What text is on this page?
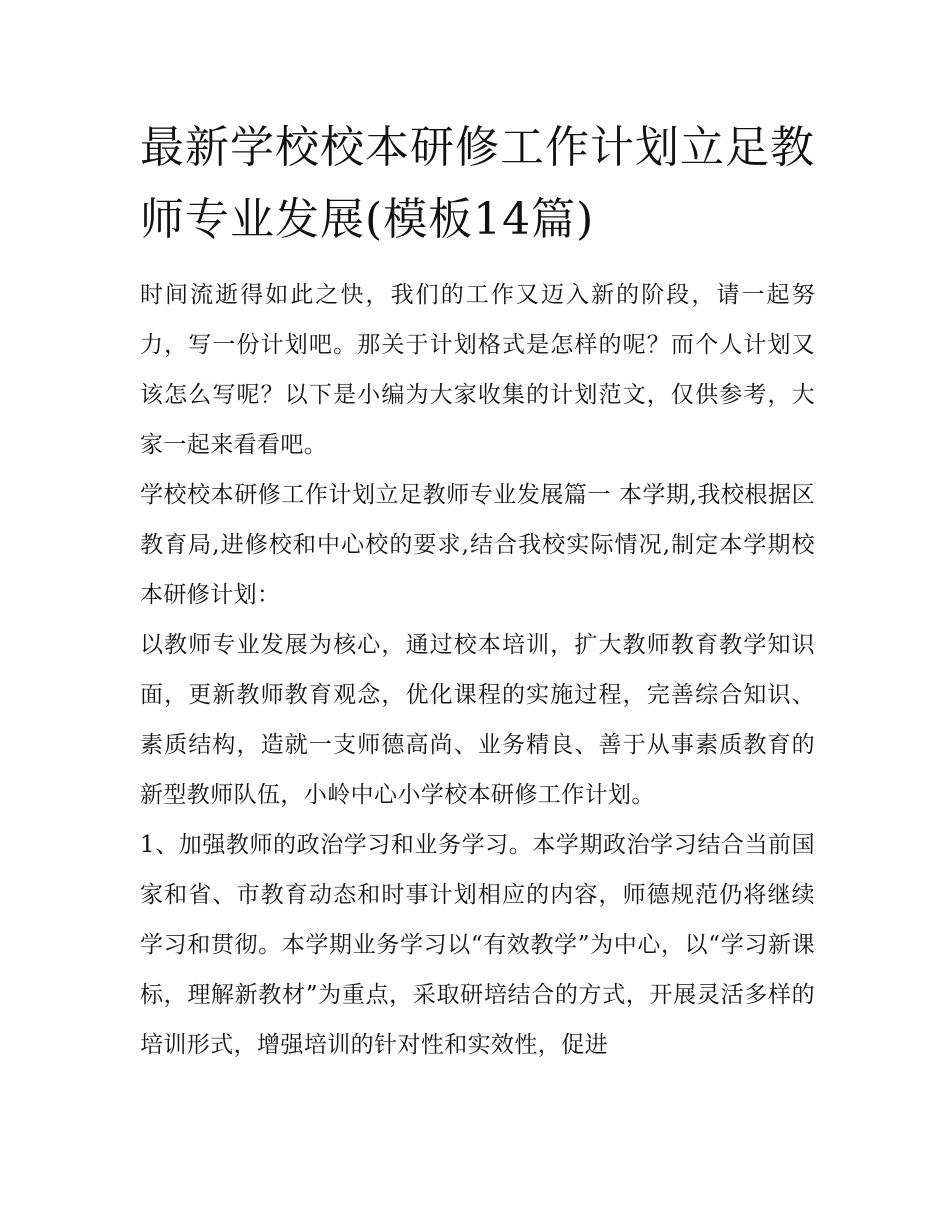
最新学校校本研修工作计划立足教师专业发展(模板14篇)

时间流逝得如此之快，我们的工作又迈入新的阶段，请一起努力，写一份计划吧。那关于计划格式是怎样的呢？而个人计划又该怎么写呢？以下是小编为大家收集的计划范文，仅供参考，大家一起来看看吧。

学校校本研修工作计划立足教师专业发展篇一 本学期,我校根据区教育局,进修校和中心校的要求,结合我校实际情况,制定本学期校本研修计划：

以教师专业发展为核心，通过校本培训，扩大教师教育教学知识面，更新教师教育观念，优化课程的实施过程，完善综合知识、素质结构，造就一支师德高尚、业务精良、善于从事素质教育的新型教师队伍，小岭中心小学校本研修工作计划。

1、加强教师的政治学习和业务学习。本学期政治学习结合当前国家和省、市教育动态和时事计划相应的内容，师德规范仍将继续学习和贯彻。本学期业务学习以“有效教学”为中心，以“学习新课标，理解新教材”为重点，采取研培结合的方式，开展灵活多样的培训形式，增强培训的针对性和实效性，促进
